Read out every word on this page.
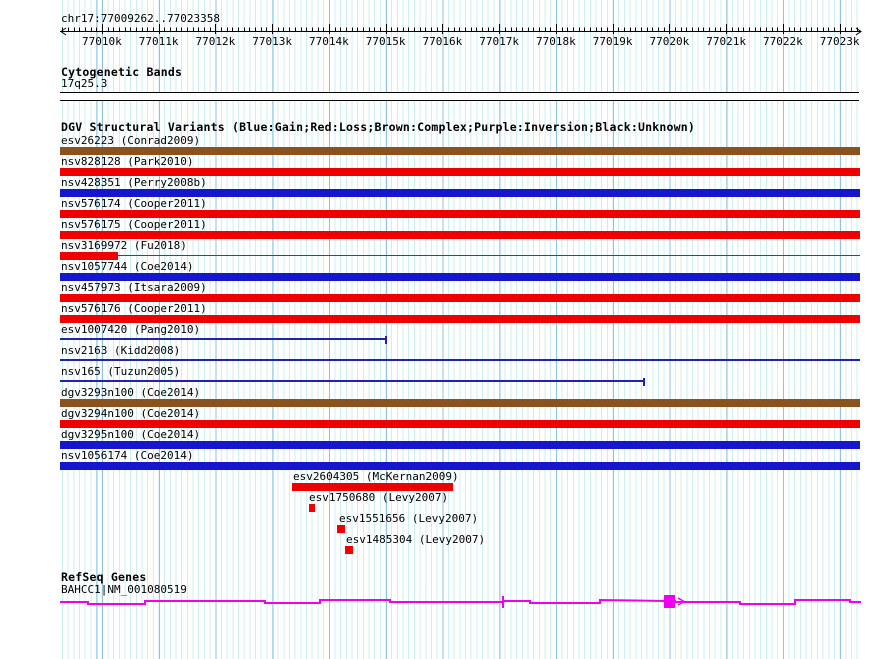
77010k 77011k 77012k 77013k 77014k 77015k 77016k 77017k 77018k 77019k 77020k 77021k 77022k 77023k
chr17:77009262..77023358
Cytogenetic Bands
17q25.3
DGV Structural Variants (Blue:Gain;Red:Loss;Brown:Complex;Purple:Inversion;Black:Unknown)
esv26223 (Conrad2009)
nsv828128 (Park2010)
nsv428351 (Perry2008b)
nsv576174 (Cooper2011)
nsv576175 (Cooper2011)
nsv3169972 (Fu2018)
nsv1057744 (Coe2014)
nsv457973 (Itsara2009)
nsv576176 (Cooper2011)
esv1007420 (Pang2010)
nsv2163 (Kidd2008)
nsv165 (Tuzun2005)
dgv3293n100 (Coe2014)
dgv3294n100 (Coe2014)
dgv3295n100 (Coe2014)
nsv1056174 (Coe2014)
esv2604305 (McKernan2009)
esv1750680 (Levy2007)
esv1551656 (Levy2007)
esv1485304 (Levy2007)
RefSeq Genes
BAHCC1|NM_001080519
